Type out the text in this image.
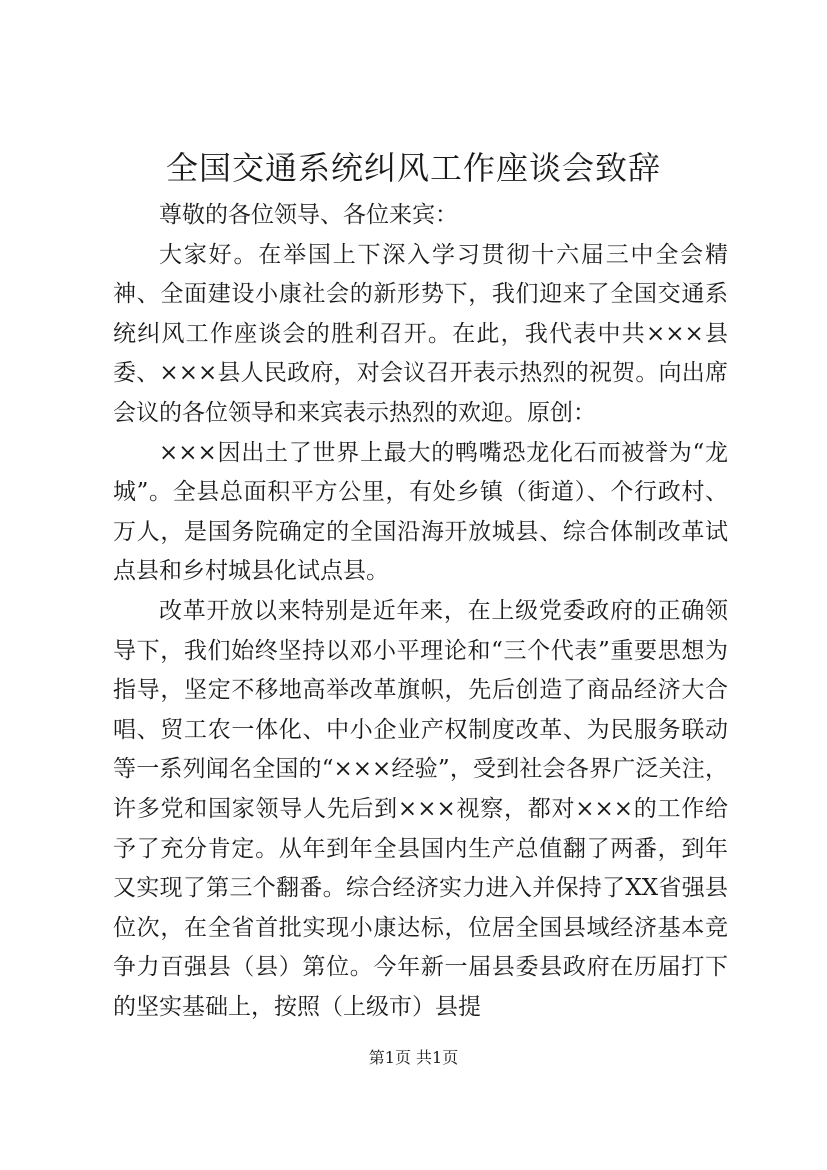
全国交通系统纠风工作座谈会致辞

尊敬的各位领导、各位来宾：

大家好。在举国上下深入学习贯彻十六届三中全会精神、全面建设小康社会的新形势下，我们迎来了全国交通系统纠风工作座谈会的胜利召开。在此，我代表中共×××县委、×××县人民政府，对会议召开表示热烈的祝贺。向出席会议的各位领导和来宾表示热烈的欢迎。原创：

×××因出土了世界上最大的鸭嘴恐龙化石而被誉为“龙城”。全县总面积平方公里，有处乡镇（街道）、个行政村、万人，是国务院确定的全国沿海开放城县、综合体制改革试点县和乡村城县化试点县。

改革开放以来特别是近年来，在上级党委政府的正确领导下，我们始终坚持以邓小平理论和“三个代表”重要思想为指导，坚定不移地高举改革旗帜，先后创造了商品经济大合唱、贸工农一体化、中小企业产权制度改革、为民服务联动等一系列闻名全国的“×××经验”，受到社会各界广泛关注，许多党和国家领导人先后到×××视察，都对×××的工作给予了充分肯定。从年到年全县国内生产总值翻了两番，到年又实现了第三个翻番。综合经济实力进入并保持了XX省强县位次，在全省首批实现小康达标，位居全国县域经济基本竞争力百强县（县）第位。今年新一届县委县政府在历届打下的坚实基础上，按照（上级市）县提

第1页 共1页
